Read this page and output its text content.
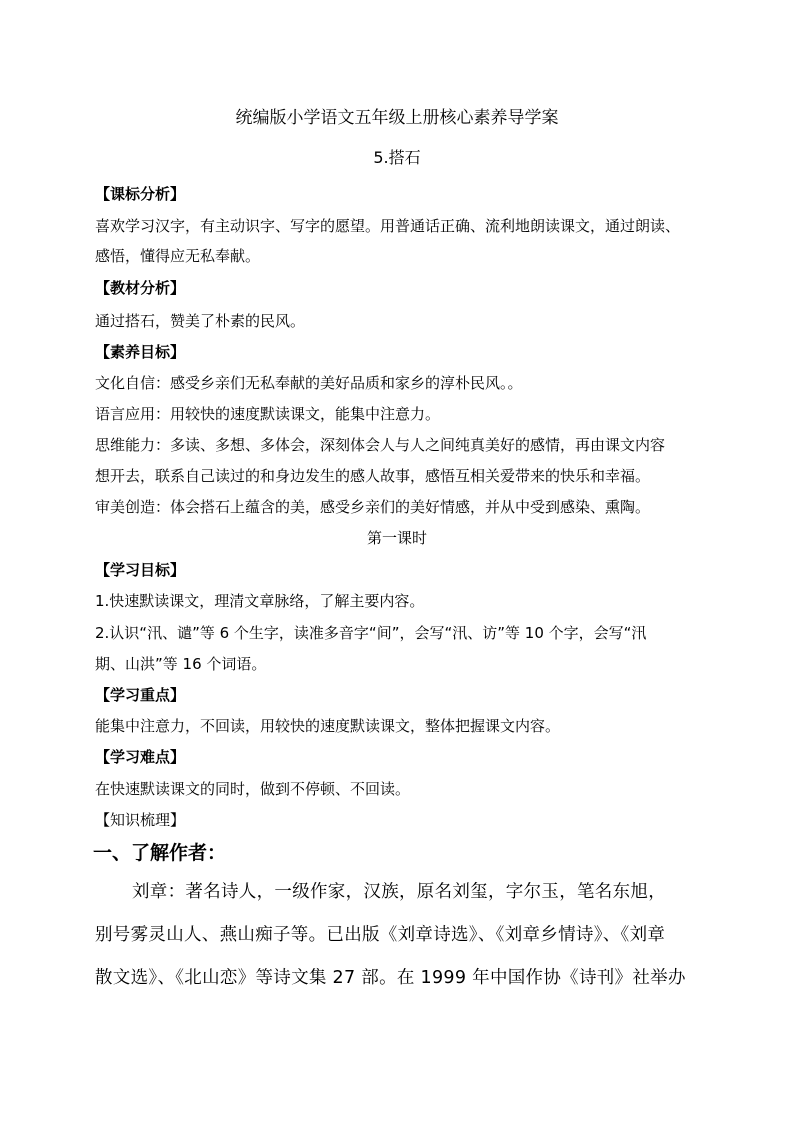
统编版小学语文五年级上册核心素养导学案
5.搭石
【课标分析】
喜欢学习汉字，有主动识字、写字的愿望。用普通话正确、流利地朗读课文，通过朗读、
感悟，懂得应无私奉献。
【教材分析】
通过搭石，赞美了朴素的民风。
【素养目标】
文化自信：感受乡亲们无私奉献的美好品质和家乡的淳朴民风。。
语言应用：用较快的速度默读课文，能集中注意力。
思维能力：多读、多想、多体会，深刻体会人与人之间纯真美好的感情，再由课文内容
想开去，联系自己读过的和身边发生的感人故事，感悟互相关爱带来的快乐和幸福。
审美创造：体会搭石上蕴含的美，感受乡亲们的美好情感，并从中受到感染、熏陶。
第一课时
【学习目标】
1.快速默读课文，理清文章脉络，了解主要内容。
2.认识“汛、谴”等 6 个生字，读准多音字“间”，会写“汛、访”等 10 个字，会写“汛
期、山洪”等 16 个词语。
【学习重点】
能集中注意力，不回读，用较快的速度默读课文，整体把握课文内容。
【学习难点】
在快速默读课文的同时，做到不停顿、不回读。
【知识梳理】
一、了解作者：
刘章：著名诗人，一级作家，汉族，原名刘玺，字尔玉，笔名东旭，
别号雾灵山人、燕山痴子等。已出版《刘章诗选》、《刘章乡情诗》、《刘章
散文选》、《北山恋》等诗文集 27 部。在 1999 年中国作协《诗刊》社举办
